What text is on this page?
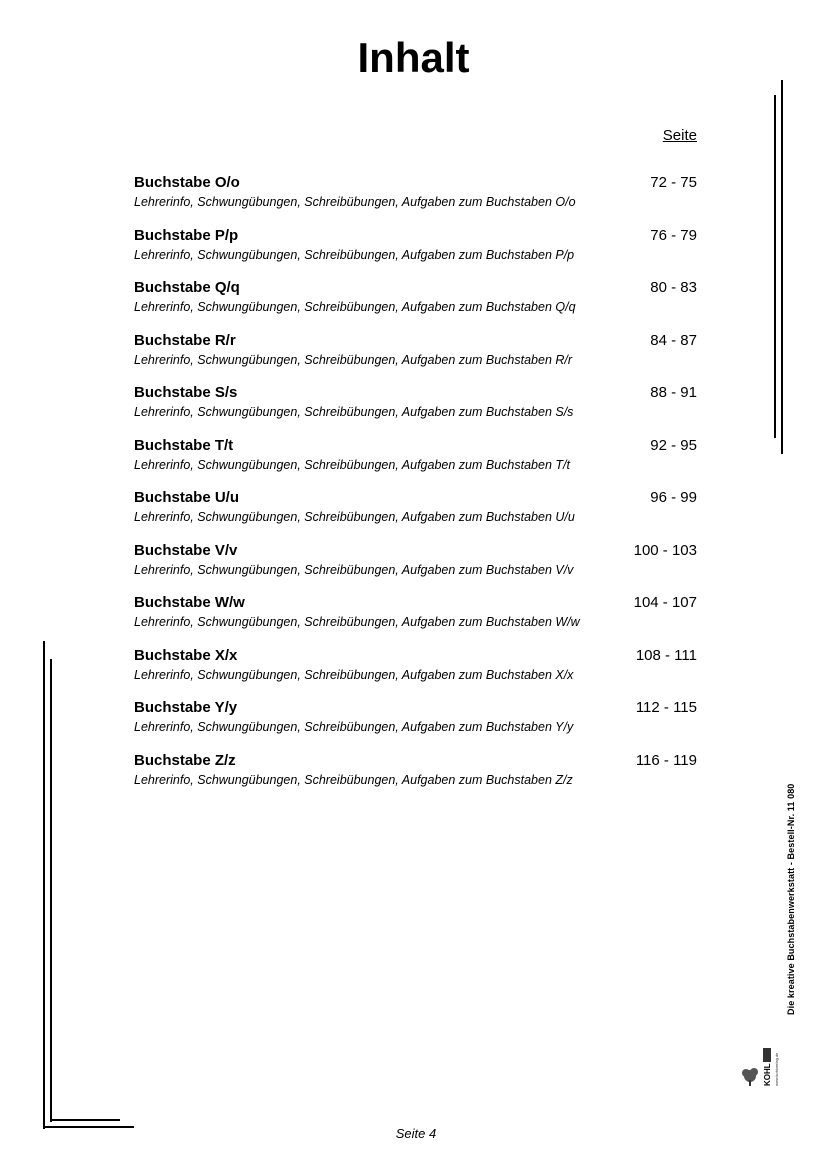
Inhalt
Seite
Buchstabe O/o	72 - 75
Lehrerinfo, Schwungübungen, Schreibübungen, Aufgaben zum Buchstaben O/o
Buchstabe P/p	76 - 79
Lehrerinfo, Schwungübungen, Schreibübungen, Aufgaben zum Buchstaben P/p
Buchstabe Q/q	80 - 83
Lehrerinfo, Schwungübungen, Schreibübungen, Aufgaben zum Buchstaben Q/q
Buchstabe R/r	84 - 87
Lehrerinfo, Schwungübungen, Schreibübungen, Aufgaben zum Buchstaben R/r
Buchstabe S/s	88 - 91
Lehrerinfo, Schwungübungen, Schreibübungen, Aufgaben zum Buchstaben S/s
Buchstabe T/t	92 - 95
Lehrerinfo, Schwungübungen, Schreibübungen, Aufgaben zum Buchstaben T/t
Buchstabe U/u	96 - 99
Lehrerinfo, Schwungübungen, Schreibübungen, Aufgaben zum Buchstaben U/u
Buchstabe V/v	100 - 103
Lehrerinfo, Schwungübungen, Schreibübungen, Aufgaben zum Buchstaben V/v
Buchstabe W/w	104 - 107
Lehrerinfo, Schwungübungen, Schreibübungen, Aufgaben zum Buchstaben W/w
Buchstabe X/x	108 - 111
Lehrerinfo, Schwungübungen, Schreibübungen, Aufgaben zum Buchstaben X/x
Buchstabe Y/y	112 - 115
Lehrerinfo, Schwungübungen, Schreibübungen, Aufgaben zum Buchstaben Y/y
Buchstabe Z/z	116 - 119
Lehrerinfo, Schwungübungen, Schreibübungen, Aufgaben zum Buchstaben Z/z
KOHL www.kohlverlag.de
Die kreative Buchstabenwerkstatt - Bestell-Nr. 11 080
Seite 4
